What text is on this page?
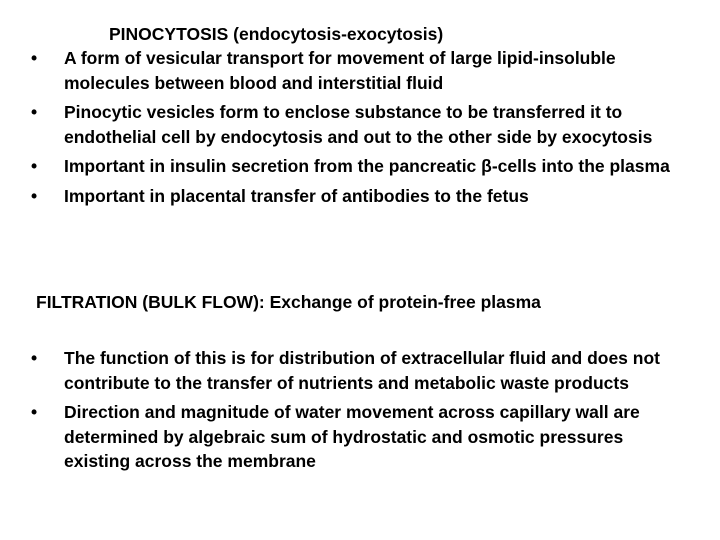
PINOCYTOSIS (endocytosis-exocytosis)
• A form of vesicular transport for movement of large lipid-insoluble molecules between blood and interstitial fluid
• Pinocytic vesicles form to enclose substance to be transferred it to endothelial cell by endocytosis and out to the other side by exocytosis
• Important in insulin secretion from the pancreatic β-cells into the plasma
• Important in placental transfer of antibodies to the fetus
FILTRATION (BULK FLOW): Exchange of protein-free plasma
• The function of this is for distribution of extracellular fluid and does not contribute to the transfer of nutrients and metabolic waste products
• Direction and magnitude of water movement across capillary wall are determined by algebraic sum of hydrostatic and osmotic pressures existing across the membrane
